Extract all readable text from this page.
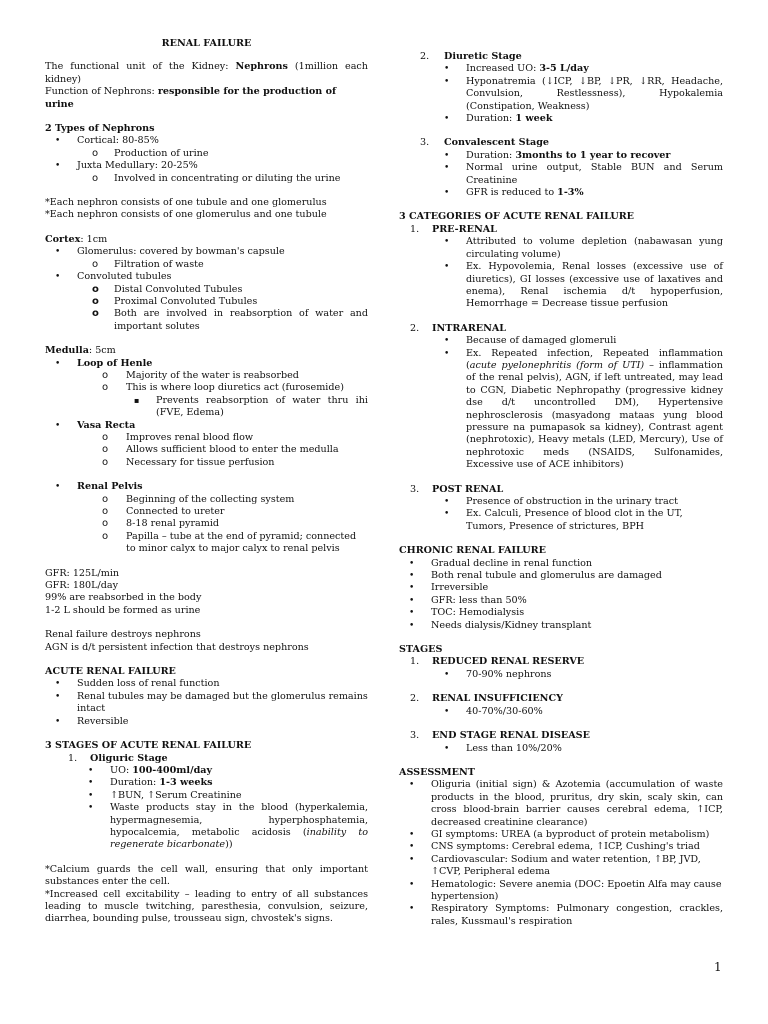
RENAL FAILURE

The functional unit of the Kidney: Nephrons (1million each kidney)

Function of Nephrons: responsible for the production of urine

2 Types of Nephrons

•	Cortical: 80-85%
o	Production of urine
•	Juxta Medullary: 20-25%
o	Involved in concentrating or diluting the urine

*Each nephron consists of one tubule and one glomerulus

*Each nephron consists of one glomerulus and one tubule

Cortex: 1cm

•	Glomerulus: covered by bowman's capsule
o	Filtration of waste
•	Convoluted tubules
o	Distal Convoluted Tubules
o	Proximal Convoluted Tubules
o	Both are involved in reabsorption of water and important solutes

Medulla: 5cm

•	Loop of Henle
o	Majority of the water is reabsorbed
o	This is where loop diuretics act (furosemide)
▪	Prevents reabsorption of water thru ihi (FVE, Edema)
•	Vasa Recta
o	Improves renal blood flow
o	Allows sufficient blood to enter the medulla
o	Necessary for tissue perfusion
•	Renal Pelvis
o	Beginning of the collecting system
o	Connected to ureter
o	8-18 renal pyramid
o	Papilla – tube at the end of pyramid; connected to minor calyx to major calyx to renal pelvis

GFR: 125L/min

GFR: 180L/day

99% are reabsorbed in the body

1-2 L should be formed as urine

Renal failure destroys nephrons

AGN is d/t persistent infection that destroys nephrons

ACUTE RENAL FAILURE

•	Sudden loss of renal function
•	Renal tubules may be damaged but the glomerulus remains intact
•	Reversible

3 STAGES OF ACUTE RENAL FAILURE

1.	Oliguric Stage
•	UO: 100-400ml/day
•	Duration: 1-3 weeks
•	↑BUN, ↑Serum Creatinine
•	Waste products stay in the blood (hyperkalemia, hypermagnesemia, hyperphosphatemia, hypocalcemia, metabolic acidosis (inability to regenerate bicarbonate))

*Calcium guards the cell wall, ensuring that only important substances enter the cell.

*Increased cell excitability – leading to entry of all substances leading to muscle twitching, paresthesia, convulsion, seizure, diarrhea, bounding pulse, trousseau sign, chvostek's signs.

2.	Diuretic Stage
•	Increased UO: 3-5 L/day
•	Hyponatremia (↓ICP, ↓BP, ↓PR, ↓RR, Headache, Convulsion, Restlessness), Hypokalemia (Constipation, Weakness)
•	Duration: 1 week
3.	Convalescent Stage
•	Duration: 3months to 1 year to recover
•	Normal urine output, Stable BUN and Serum Creatinine
•	GFR is reduced to 1-3%

3 CATEGORIES OF ACUTE RENAL FAILURE

1.	PRE-RENAL
•	Attributed to volume depletion (nabawasan yung circulating volume)
•	Ex. Hypovolemia, Renal losses (excessive use of diuretics), GI losses (excessive use of laxatives and enema), Renal ischemia d/t hypoperfusion, Hemorrhage = Decrease tissue perfusion
2.	INTRARENAL
•	Because of damaged glomeruli
•	Ex. Repeated infection, Repeated inflammation (acute pyelonephritis (form of UTI) – inflammation of the renal pelvis), AGN, if left untreated, may lead to CGN, Diabetic Nephropathy (progressive kidney dse d/t uncontrolled DM), Hypertensive nephrosclerosis (masyadong mataas yung blood pressure na pumapasok sa kidney), Contrast agent (nephrotoxic), Heavy metals (LED, Mercury), Use of nephrotoxic meds (NSAIDS, Sulfonamides, Excessive use of ACE inhibitors)
3.	POST RENAL
•	Presence of obstruction in the urinary tract
•	Ex. Calculi, Presence of blood clot in the UT, Tumors, Presence of strictures, BPH

CHRONIC RENAL FAILURE

•	Gradual decline in renal function
•	Both renal tubule and glomerulus are damaged
•	Irreversible
•	GFR: less than 50%
•	TOC: Hemodialysis
•	Needs dialysis/Kidney transplant

STAGES

1.	REDUCED RENAL RESERVE
•	70-90% nephrons
2.	RENAL INSUFFICIENCY
•	40-70%/30-60%
3.	END STAGE RENAL DISEASE
•	Less than 10%/20%

ASSESSMENT

•	Oliguria (initial sign) & Azotemia (accumulation of waste products in the blood, pruritus, dry skin, scaly skin, can cross blood-brain barrier causes cerebral edema, ↑ICP, decreased creatinine clearance)
•	GI symptoms: UREA (a byproduct of protein metabolism)
•	CNS symptoms: Cerebral edema, ↑ICP, Cushing's triad
•	Cardiovascular: Sodium and water retention, ↑BP, JVD, ↑CVP, Peripheral edema
•	Hematologic: Severe anemia (DOC: Epoetin Alfa may cause hypertension)
•	Respiratory Symptoms: Pulmonary congestion, crackles, rales, Kussmaul's respiration
1
